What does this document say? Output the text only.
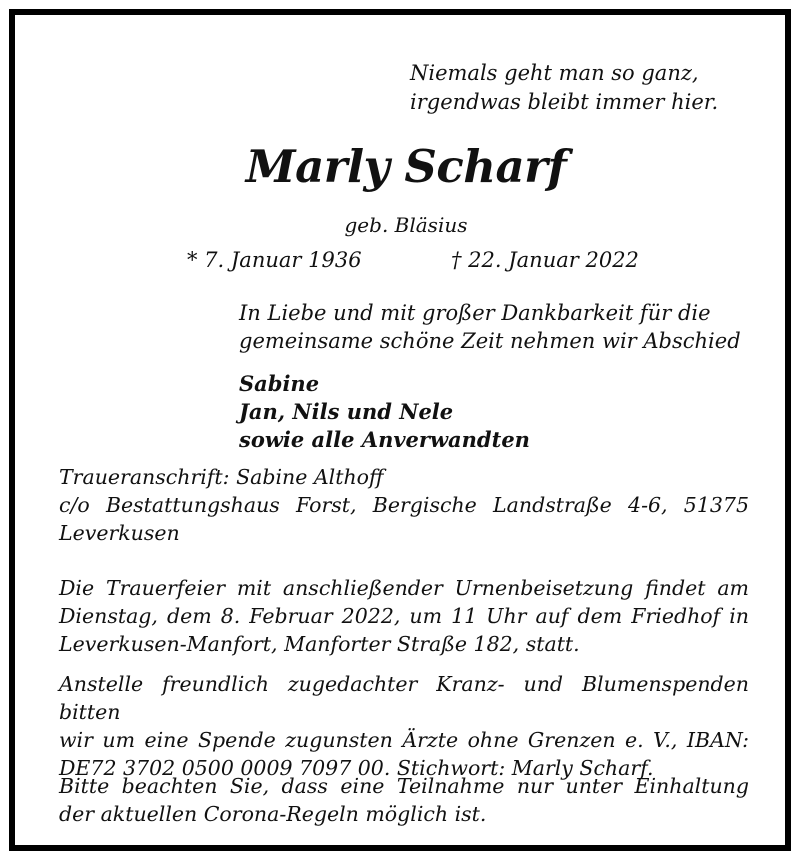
Niemals geht man so ganz,
irgendwas bleibt immer hier.
Marly Scharf
geb. Bläsius
* 7. Januar 1936	† 22. Januar 2022
In Liebe und mit großer Dankbarkeit für die
gemeinsame schöne Zeit nehmen wir Abschied
Sabine
Jan, Nils und Nele
sowie alle Anverwandten
Traueranschrift: Sabine Althoff
c/o Bestattungshaus Forst, Bergische Landstraße 4-6, 51375
Leverkusen
Die Trauerfeier mit anschließender Urnenbeisetzung findet am
Dienstag, dem 8. Februar 2022, um 11 Uhr auf dem Friedhof in
Leverkusen-Manfort, Manforter Straße 182, statt.
Anstelle freundlich zugedachter Kranz- und Blumenspenden bitten
wir um eine Spende zugunsten Ärzte ohne Grenzen e. V., IBAN:
DE72 3702 0500 0009 7097 00. Stichwort: Marly Scharf.
Bitte beachten Sie, dass eine Teilnahme nur unter Einhaltung
der aktuellen Corona-Regeln möglich ist.
